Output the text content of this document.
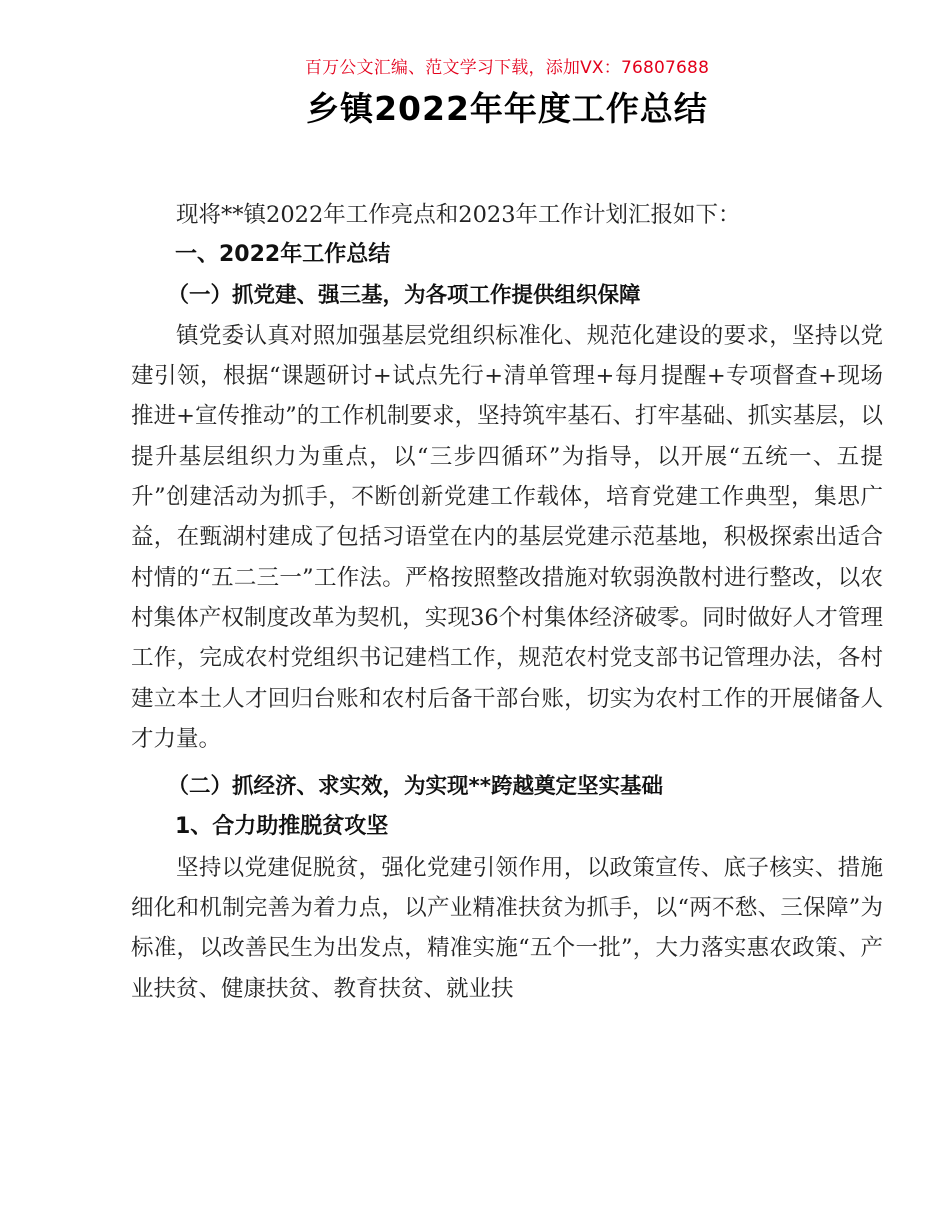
百万公文汇编、范文学习下载，添加VX：76807688
乡镇2022年年度工作总结

现将**镇2022年工作亮点和2023年工作计划汇报如下：

一、2022年工作总结

（一）抓党建、强三基，为各项工作提供组织保障

镇党委认真对照加强基层党组织标准化、规范化建设的要求，坚持以党建引领，根据“课题研讨+试点先行+清单管理+每月提醒+专项督查+现场推进+宣传推动”的工作机制要求，坚持筑牢基石、打牢基础、抓实基层，以提升基层组织力为重点，以“三步四循环”为指导，以开展“五统一、五提升”创建活动为抓手，不断创新党建工作载体，培育党建工作典型，集思广益，在甄湖村建成了包括习语堂在内的基层党建示范基地，积极探索出适合村情的“五二三一”工作法。严格按照整改措施对软弱涣散村进行整改，以农村集体产权制度改革为契机，实现36个村集体经济破零。同时做好人才管理工作，完成农村党组织书记建档工作，规范农村党支部书记管理办法，各村建立本土人才回归台账和农村后备干部台账，切实为农村工作的开展储备人才力量。

（二）抓经济、求实效，为实现**跨越奠定坚实基础

1、合力助推脱贫攻坚

坚持以党建促脱贫，强化党建引领作用，以政策宣传、底子核实、措施细化和机制完善为着力点，以产业精准扶贫为抓手，以“两不愁、三保障”为标准，以改善民生为出发点，精准实施“五个一批”，大力落实惠农政策、产业扶贫、健康扶贫、教育扶贫、就业扶
